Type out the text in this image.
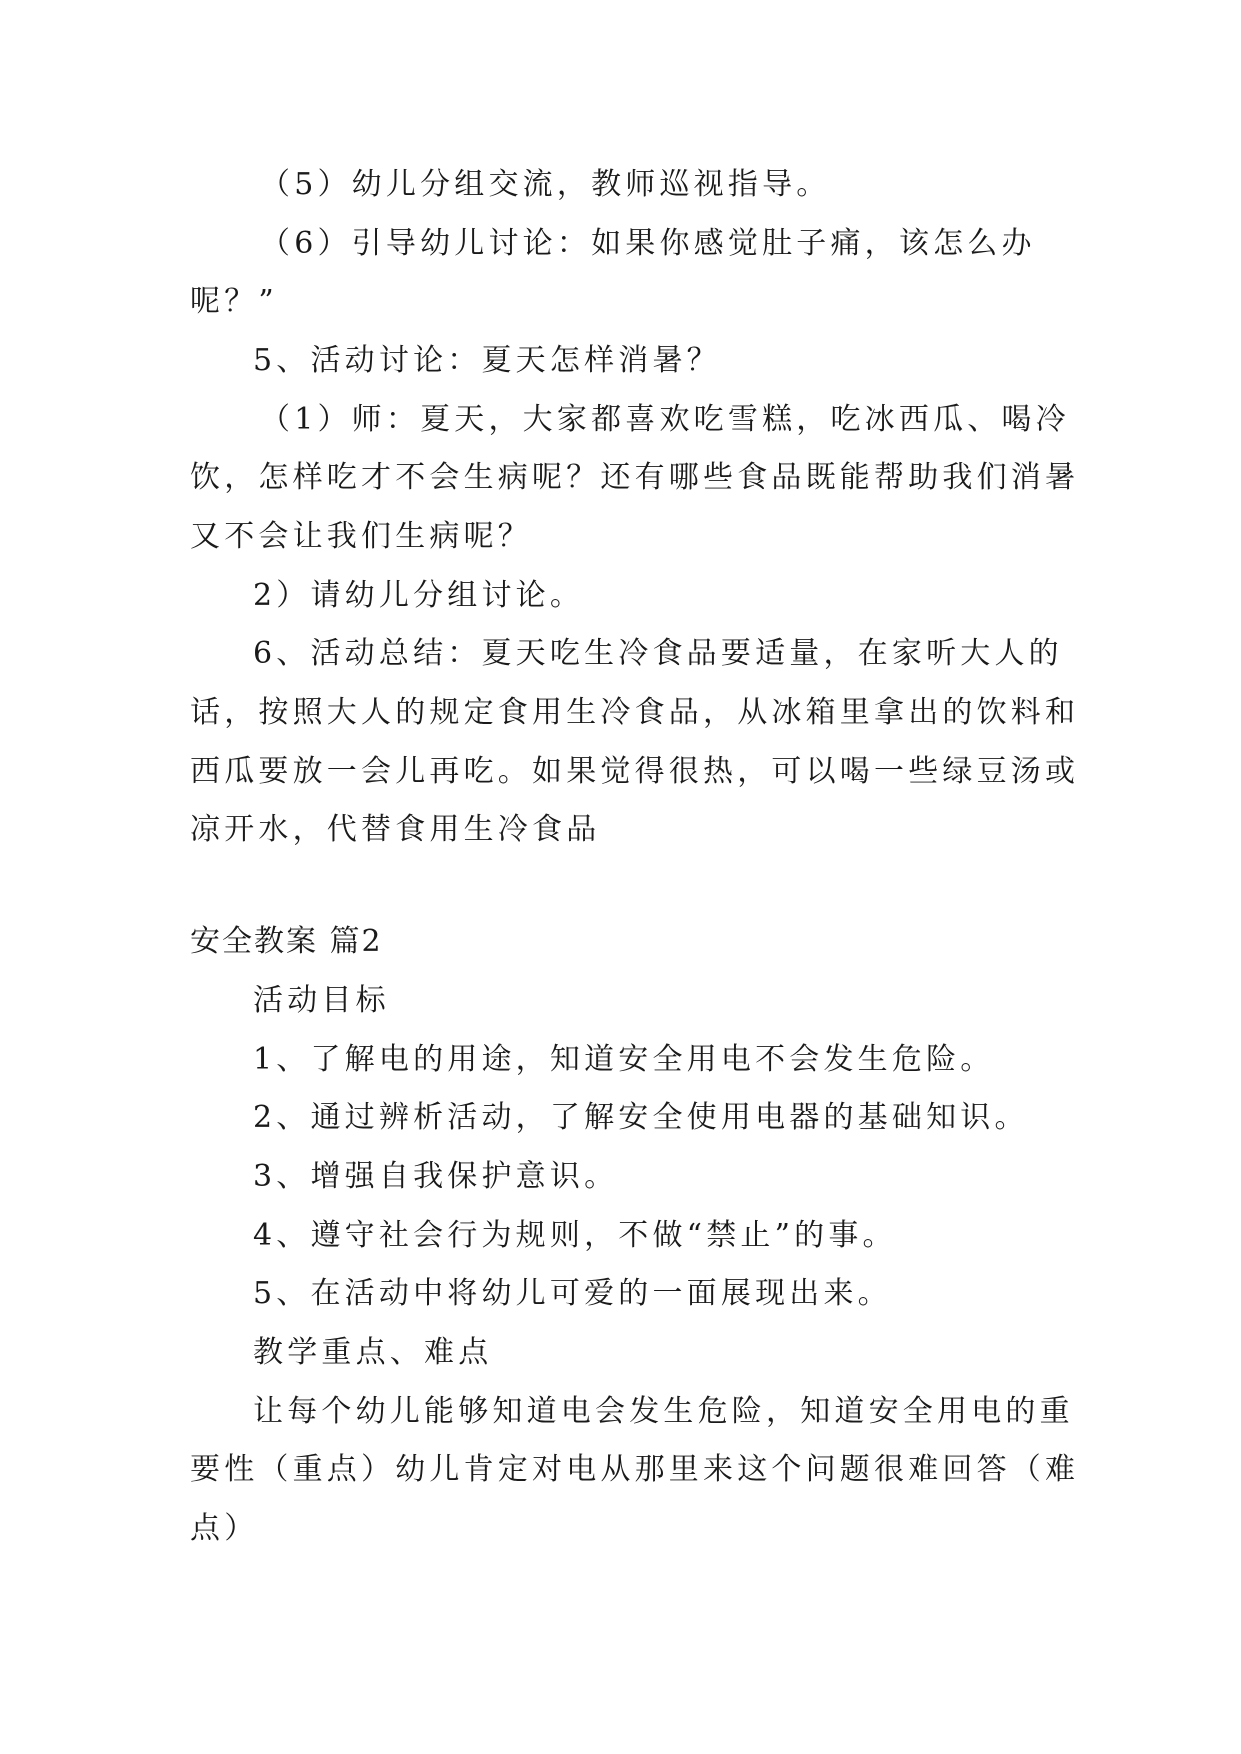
（5）幼儿分组交流，教师巡视指导。
（6）引导幼儿讨论：如果你感觉肚子痛，该怎么办
呢？”
5、活动讨论：夏天怎样消暑？
（1）师：夏天，大家都喜欢吃雪糕，吃冰西瓜、喝冷
饮，怎样吃才不会生病呢？还有哪些食品既能帮助我们消暑
又不会让我们生病呢？
2）请幼儿分组讨论。
6、活动总结：夏天吃生冷食品要适量，在家听大人的
话，按照大人的规定食用生冷食品，从冰箱里拿出的饮料和
西瓜要放一会儿再吃。如果觉得很热，可以喝一些绿豆汤或
凉开水，代替食用生冷食品
安全教案 篇2
活动目标
1、了解电的用途，知道安全用电不会发生危险。
2、通过辨析活动，了解安全使用电器的基础知识。
3、增强自我保护意识。
4、遵守社会行为规则，不做“禁止”的事。
5、在活动中将幼儿可爱的一面展现出来。
教学重点、难点
让每个幼儿能够知道电会发生危险，知道安全用电的重
要性（重点）幼儿肯定对电从那里来这个问题很难回答（难
点）
